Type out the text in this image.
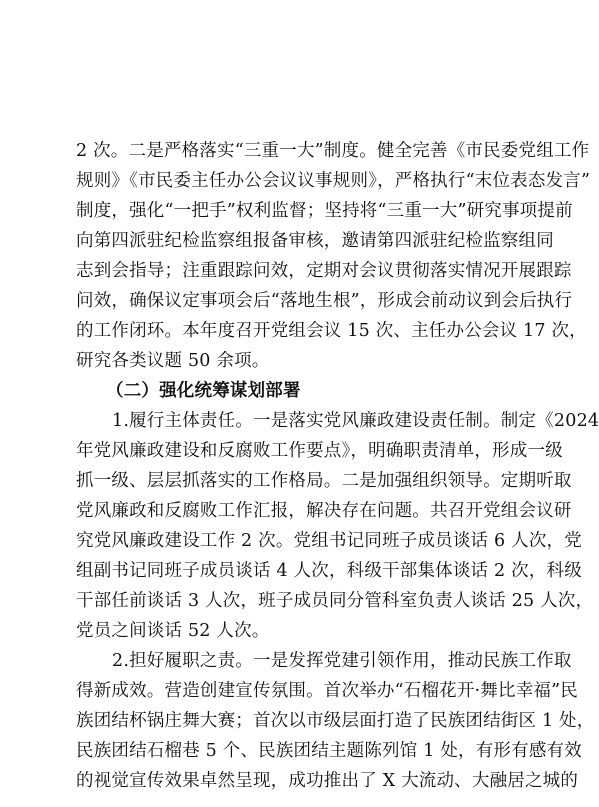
2 次。二是严格落实“三重一大”制度。健全完善《市民委党组工作
规则》《市民委主任办公会议议事规则》，严格执行“末位表态发言”
制度，强化“一把手”权利监督；坚持将“三重一大”研究事项提前
向第四派驻纪检监察组报备审核，邀请第四派驻纪检监察组同
志到会指导；注重跟踪问效，定期对会议贯彻落实情况开展跟踪
问效，确保议定事项会后“落地生根”，形成会前动议到会后执行
的工作闭环。本年度召开党组会议 15 次、主任办公会议 17 次，
研究各类议题 50 余项。
（二）强化统筹谋划部署
1.履行主体责任。一是落实党风廉政建设责任制。制定《2024
年党风廉政建设和反腐败工作要点》，明确职责清单，形成一级
抓一级、层层抓落实的工作格局。二是加强组织领导。定期听取
党风廉政和反腐败工作汇报，解决存在问题。共召开党组会议研
究党风廉政建设工作 2 次。党组书记同班子成员谈话 6 人次，党
组副书记同班子成员谈话 4 人次，科级干部集体谈话 2 次，科级
干部任前谈话 3 人次，班子成员同分管科室负责人谈话 25 人次，
党员之间谈话 52 人次。
2.担好履职之责。一是发挥党建引领作用，推动民族工作取
得新成效。营造创建宣传氛围。首次举办“石榴花开·舞比幸福”民
族团结杯锅庄舞大赛；首次以市级层面打造了民族团结街区 1 处，
民族团结石榴巷 5 个、民族团结主题陈列馆 1 处，有形有感有效
的视觉宣传效果卓然呈现，成功推出了 X 大流动、大融居之城的
